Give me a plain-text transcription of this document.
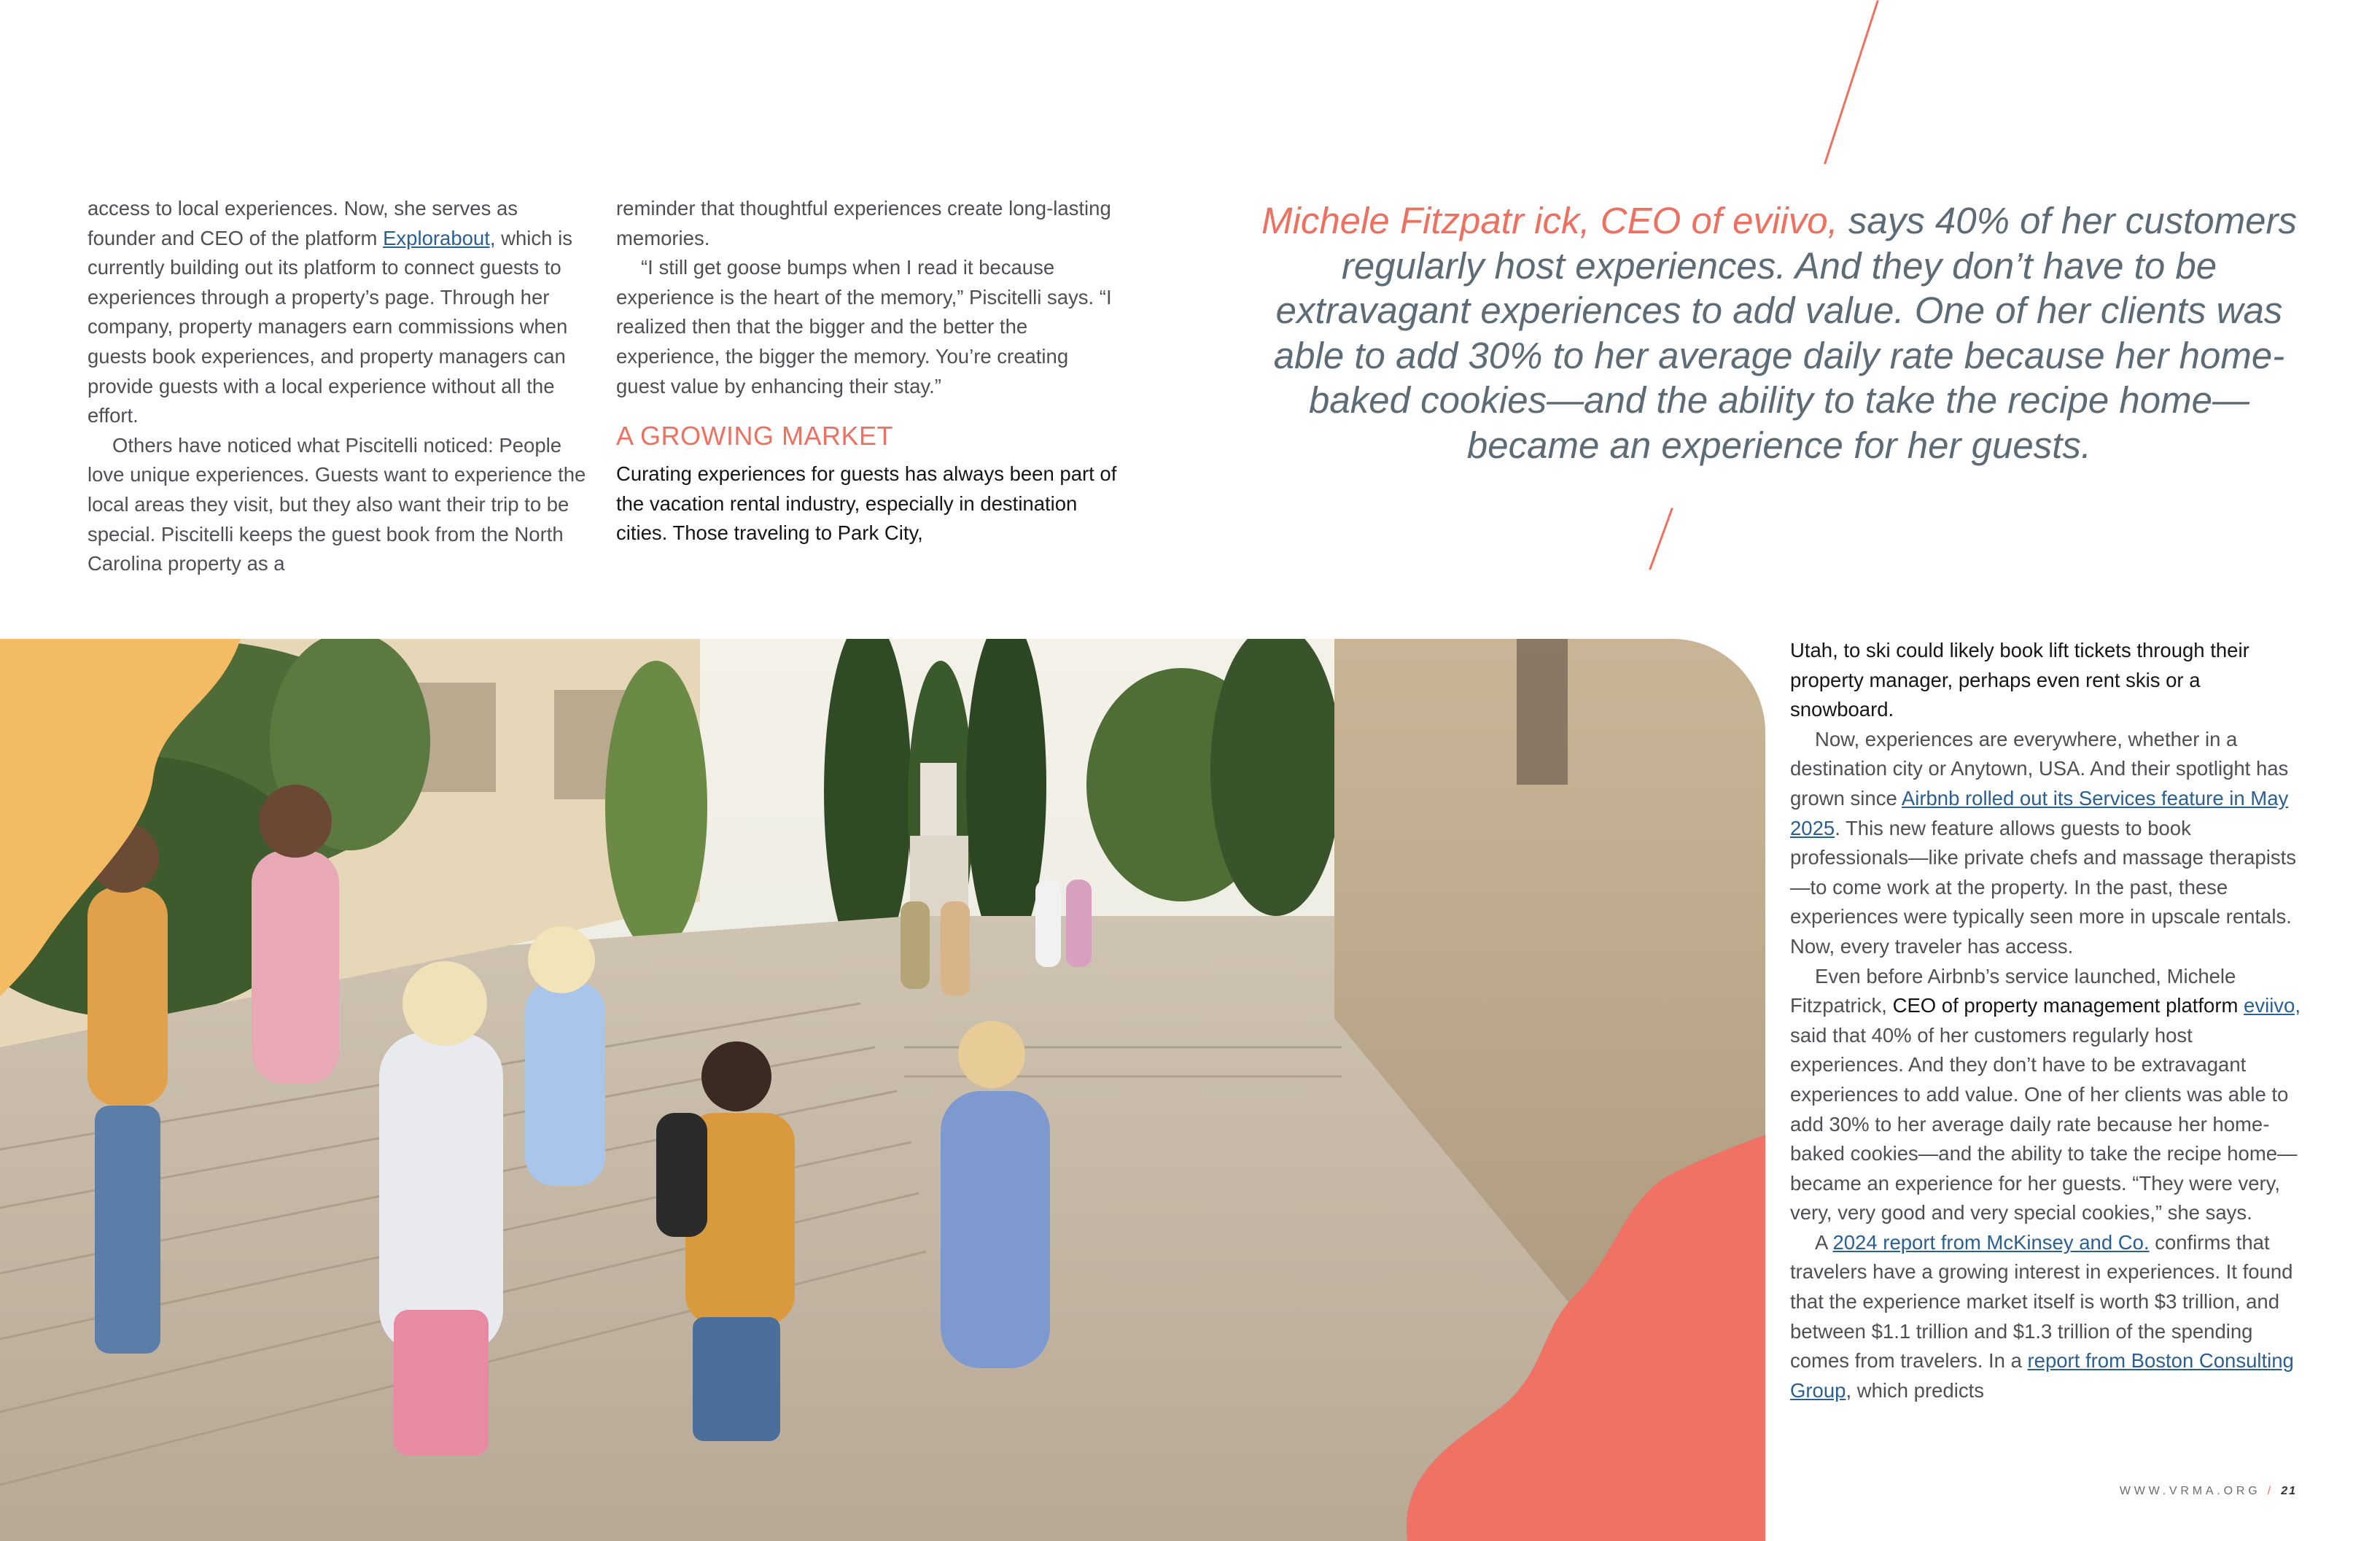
access to local experiences. Now, she serves as founder and CEO of the platform Explorabout, which is currently building out its platform to connect guests to experiences through a property’s page. Through her company, property managers earn commissions when guests book experiences, and property managers can provide guests with a local experience without all the effort.

Others have noticed what Piscitelli noticed: People love unique experiences. Guests want to experience the local areas they visit, but they also want their trip to be special. Piscitelli keeps the guest book from the North Carolina property as a

reminder that thoughtful experiences create long-lasting memories.

“I still get goose bumps when I read it because experience is the heart of the memory,” Piscitelli says. “I realized then that the bigger and the better the experience, the bigger the memory. You’re creating guest value by enhancing their stay.”

A GROWING MARKET

Curating experiences for guests has always been part of the vacation rental industry, especially in destination cities. Those traveling to Park City,

Michele Fitzpatr ick, CEO of eviivo, says 40% of her customers regularly host experiences. And they don’t have to be extravagant experiences to add value. One of her clients was able to add 30% to her average daily rate because her home-baked cookies—and the ability to take the recipe home—became an experience for her guests.

Utah, to ski could likely book lift tickets through their property manager, perhaps even rent skis or a snowboard.

Now, experiences are everywhere, whether in a destination city or Anytown, USA. And their spotlight has grown since Airbnb rolled out its Services feature in May 2025. This new feature allows guests to book professionals—like private chefs and massage therapists—to come work at the property. In the past, these experiences were typically seen more in upscale rentals. Now, every traveler has access.

Even before Airbnb’s service launched, Michele Fitzpatrick, CEO of property management platform eviivo, said that 40% of her customers regularly host experiences. And they don’t have to be extravagant experiences to add value. One of her clients was able to add 30% to her average daily rate because her home-baked cookies—and the ability to take the recipe home—became an experience for her guests. “They were very, very, very good and very special cookies,” she says.

A 2024 report from McKinsey and Co. confirms that travelers have a growing interest in experiences. It found that the experience market itself is worth $3 trillion, and between $1.1 trillion and $1.3 trillion of the spending comes from travelers. In a report from Boston Consulting Group, which predicts

WWW.VRMA.ORG / 21
